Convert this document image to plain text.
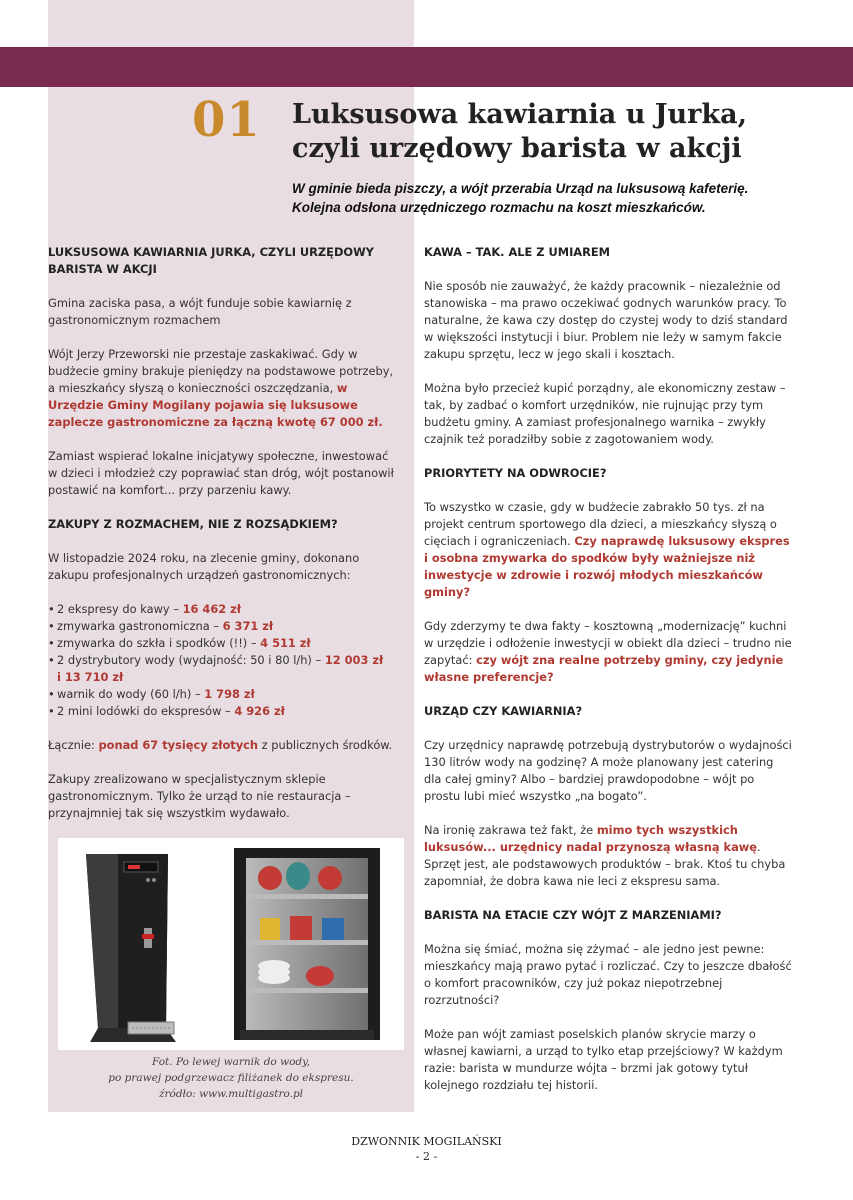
01 Luksusowa kawiarnia u Jurka,
czyli urzędowy barista w akcji
W gminie bieda piszczy, a wójt przerabia Urząd na luksusową kafeterię.
Kolejna odsłona urzędniczego rozmachu na koszt mieszkańców.
LUKSUSOWA KAWIARNIA JURKA, CZYLI URZĘDOWY BARISTA W AKCJI

Gmina zaciska pasa, a wójt funduje sobie kawiarnię z gastronomicznym rozmachem

Wójt Jerzy Przeworski nie przestaje zaskakiwać. Gdy w budżecie gminy brakuje pieniędzy na podstawowe potrzeby, a mieszkańcy słyszą o konieczności oszczędzania, w Urzędzie Gminy Mogilany pojawia się luksusowe zaplecze gastronomiczne za łączną kwotę 67 000 zł.

Zamiast wspierać lokalne inicjatywy społeczne, inwestować w dzieci i młodzież czy poprawiać stan dróg, wójt postanowił postawić na komfort... przy parzeniu kawy.

ZAKUPY Z ROZMACHEM, NIE Z ROZSĄDKIEM?

W listopadzie 2024 roku, na zlecenie gminy, dokonano zakupu profesjonalnych urządzeń gastronomicznych:

• 2 ekspresy do kawy – 16 462 zł
• zmywarka gastronomiczna – 6 371 zł
• zmywarka do szkła i spodków (!!) – 4 511 zł
• 2 dystrybutory wody (wydajność: 50 i 80 l/h) – 12 003 zł
i 13 710 zł
• warnik do wody (60 l/h) – 1 798 zł
• 2 mini lodówki do ekspresów – 4 926 zł

Łącznie: ponad 67 tysięcy złotych z publicznych środków.

Zakupy zrealizowano w specjalistycznym sklepie gastronomicznym. Tylko że urząd to nie restauracja – przynajmniej tak się wszystkim wydawało.

Fot. Po lewej warnik do wody,
po prawej podgrzewacz filiżanek do ekspresu.
źródło: www.multigastro.pl
KAWA – TAK. ALE Z UMIAREM

Nie sposób nie zauważyć, że każdy pracownik – niezależnie od stanowiska – ma prawo oczekiwać godnych warunków pracy. To naturalne, że kawa czy dostęp do czystej wody to dziś standard w większości instytucji i biur. Problem nie leży w samym fakcie zakupu sprzętu, lecz w jego skali i kosztach.

Można było przecież kupić porządny, ale ekonomiczny zestaw – tak, by zadbać o komfort urzędników, nie rujnując przy tym budżetu gminy. A zamiast profesjonalnego warnika – zwykły czajnik też poradziłby sobie z zagotowaniem wody.

PRIORYTETY NA ODWROCIE?

To wszystko w czasie, gdy w budżecie zabrakło 50 tys. zł na projekt centrum sportowego dla dzieci, a mieszkańcy słyszą o cięciach i ograniczeniach. Czy naprawdę luksusowy ekspres i osobna zmywarka do spodków były ważniejsze niż inwestycje w zdrowie i rozwój młodych mieszkańców gminy?

Gdy zderzymy te dwa fakty – kosztowną „modernizację” kuchni w urzędzie i odłożenie inwestycji w obiekt dla dzieci – trudno nie zapytać: czy wójt zna realne potrzeby gminy, czy jedynie własne preferencje?

URZĄD CZY KAWIARNIA?

Czy urzędnicy naprawdę potrzebują dystrybutorów o wydajności 130 litrów wody na godzinę? A może planowany jest catering dla całej gminy? Albo – bardziej prawdopodobne – wójt po prostu lubi mieć wszystko „na bogato”.

Na ironię zakrawa też fakt, że mimo tych wszystkich luksusów... urzędnicy nadal przynoszą własną kawę. Sprzęt jest, ale podstawowych produktów – brak. Ktoś tu chyba zapomniał, że dobra kawa nie leci z ekspresu sama.

BARISTA NA ETACIE CZY WÓJT Z MARZENIAMI?

Można się śmiać, można się zżymać – ale jedno jest pewne: mieszkańcy mają prawo pytać i rozliczać. Czy to jeszcze dbałość o komfort pracowników, czy już pokaz niepotrzebnej rozrzutności?

Może pan wójt zamiast poselskich planów skrycie marzy o własnej kawiarni, a urząd to tylko etap przejściowy? W każdym razie: barista w mundurze wójta – brzmi jak gotowy tytuł kolejnego rozdziału tej historii.

DZWONNIK MOGILAŃSKI
- 2 -
